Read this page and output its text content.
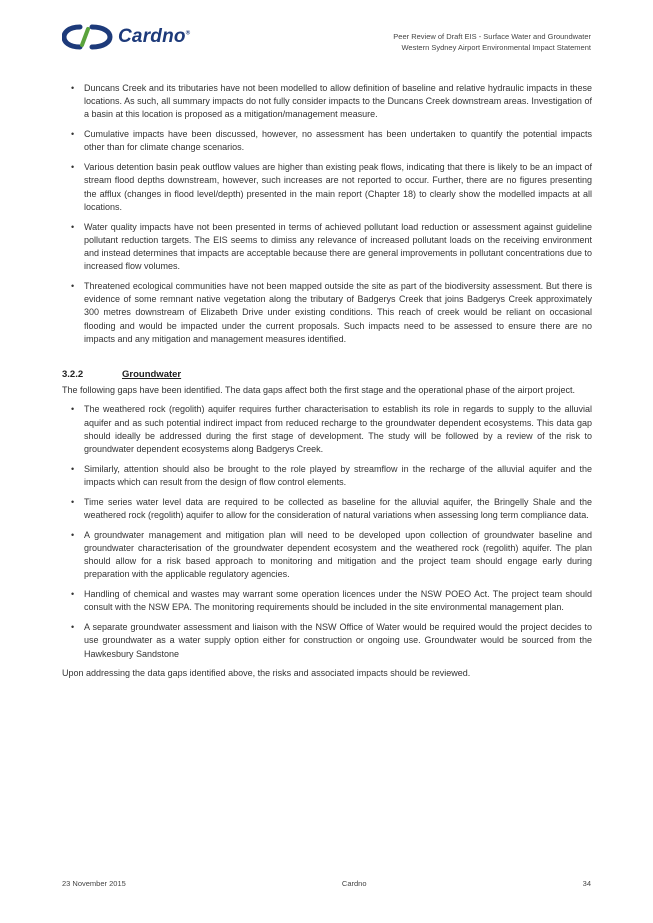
Cardno®	Peer Review of Draft EIS - Surface Water and Groundwater
Western Sydney Airport Environmental Impact Statement
• Duncans Creek and its tributaries have not been modelled to allow definition of baseline and relative hydraulic impacts in these locations. As such, all summary impacts do not fully consider impacts to the Duncans Creek downstream areas. Investigation of a basin at this location is proposed as a mitigation/management measure.
• Cumulative impacts have been discussed, however, no assessment has been undertaken to quantify the potential impacts other than for climate change scenarios.
• Various detention basin peak outflow values are higher than existing peak flows, indicating that there is likely to be an impact of stream flood depths downstream, however, such increases are not reported to occur. Further, there are no figures presenting the afflux (changes in flood level/depth) presented in the main report (Chapter 18) to clearly show the modelled impacts at all locations.
• Water quality impacts have not been presented in terms of achieved pollutant load reduction or assessment against guideline pollutant reduction targets. The EIS seems to dimiss any relevance of increased pollutant loads on the receiving environment and instead determines that impacts are acceptable because there are general improvements in pollutant concentrations due to increased flow volumes.
• Threatened ecological communities have not been mapped outside the site as part of the biodiversity assessment. But there is evidence of some remnant native vegetation along the tributary of Badgerys Creek that joins Badgerys Creek approximately 300 metres downstream of Elizabeth Drive under existing conditions. This reach of creek would be reliant on occasional flooding and would be impacted under the current proposals. Such impacts need to be assessed to ensure there are no impacts and any mitigation and management measures identified.
3.2.2	Groundwater

The following gaps have been identified. The data gaps affect both the first stage and the operational phase of the airport project.

• The weathered rock (regolith) aquifer requires further characterisation to establish its role in regards to supply to the alluvial aquifer and as such potential indirect impact from reduced recharge to the groundwater dependent ecosystems. This data gap should ideally be addressed during the first stage of development. The study will be followed by a review of the risk to groundwater dependent ecosystems along Badgerys Creek.
• Similarly, attention should also be brought to the role played by streamflow in the recharge of the alluvial aquifer and the impacts which can result from the design of flow control elements.
• Time series water level data are required to be collected as baseline for the alluvial aquifer, the Bringelly Shale and the weathered rock (regolith) aquifer to allow for the consideration of natural variations when assessing long term compliance data.
• A groundwater management and mitigation plan will need to be developed upon collection of groundwater baseline and groundwater characterisation of the groundwater dependent ecosystem and the weathered rock (regolith) aquifer. The plan should allow for a risk based approach to monitoring and mitigation and the project team should engage early during preparation with the applicable regulatory agencies.
• Handling of chemical and wastes may warrant some operation licences under the NSW POEO Act. The project team should consult with the NSW EPA. The monitoring requirements should be included in the site environmental management plan.
• A separate groundwater assessment and liaison with the NSW Office of Water would be required would the project decides to use groundwater as a water supply option either for construction or ongoing use. Groundwater would be sourced from the Hawkesbury Sandstone

Upon addressing the data gaps identified above, the risks and associated impacts should be reviewed.

23 November 2015	Cardno	34
